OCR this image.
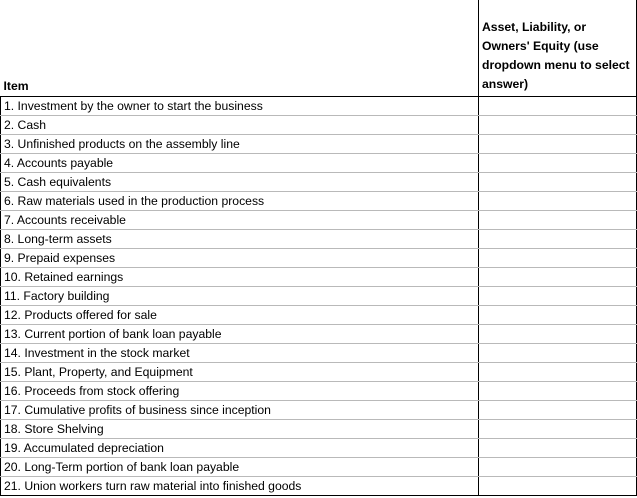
Item	Asset, Liability, or Owners' Equity (use dropdown menu to select answer)

1. Investment by the owner to start the business	

2. Cash	

3. Unfinished products on the assembly line	

4. Accounts payable	

5. Cash equivalents	

6. Raw materials used in the production process	

7. Accounts receivable	

8. Long-term assets	

9. Prepaid expenses	

10. Retained earnings	

11. Factory building	

12. Products offered for sale	

13. Current portion of bank loan payable	

14. Investment in the stock market	

15. Plant, Property, and Equipment	

16. Proceeds from stock offering	

17. Cumulative profits of business since inception	

18. Store Shelving	

19. Accumulated depreciation	

20. Long-Term portion of bank loan payable	

21. Union workers turn raw material into finished goods	
